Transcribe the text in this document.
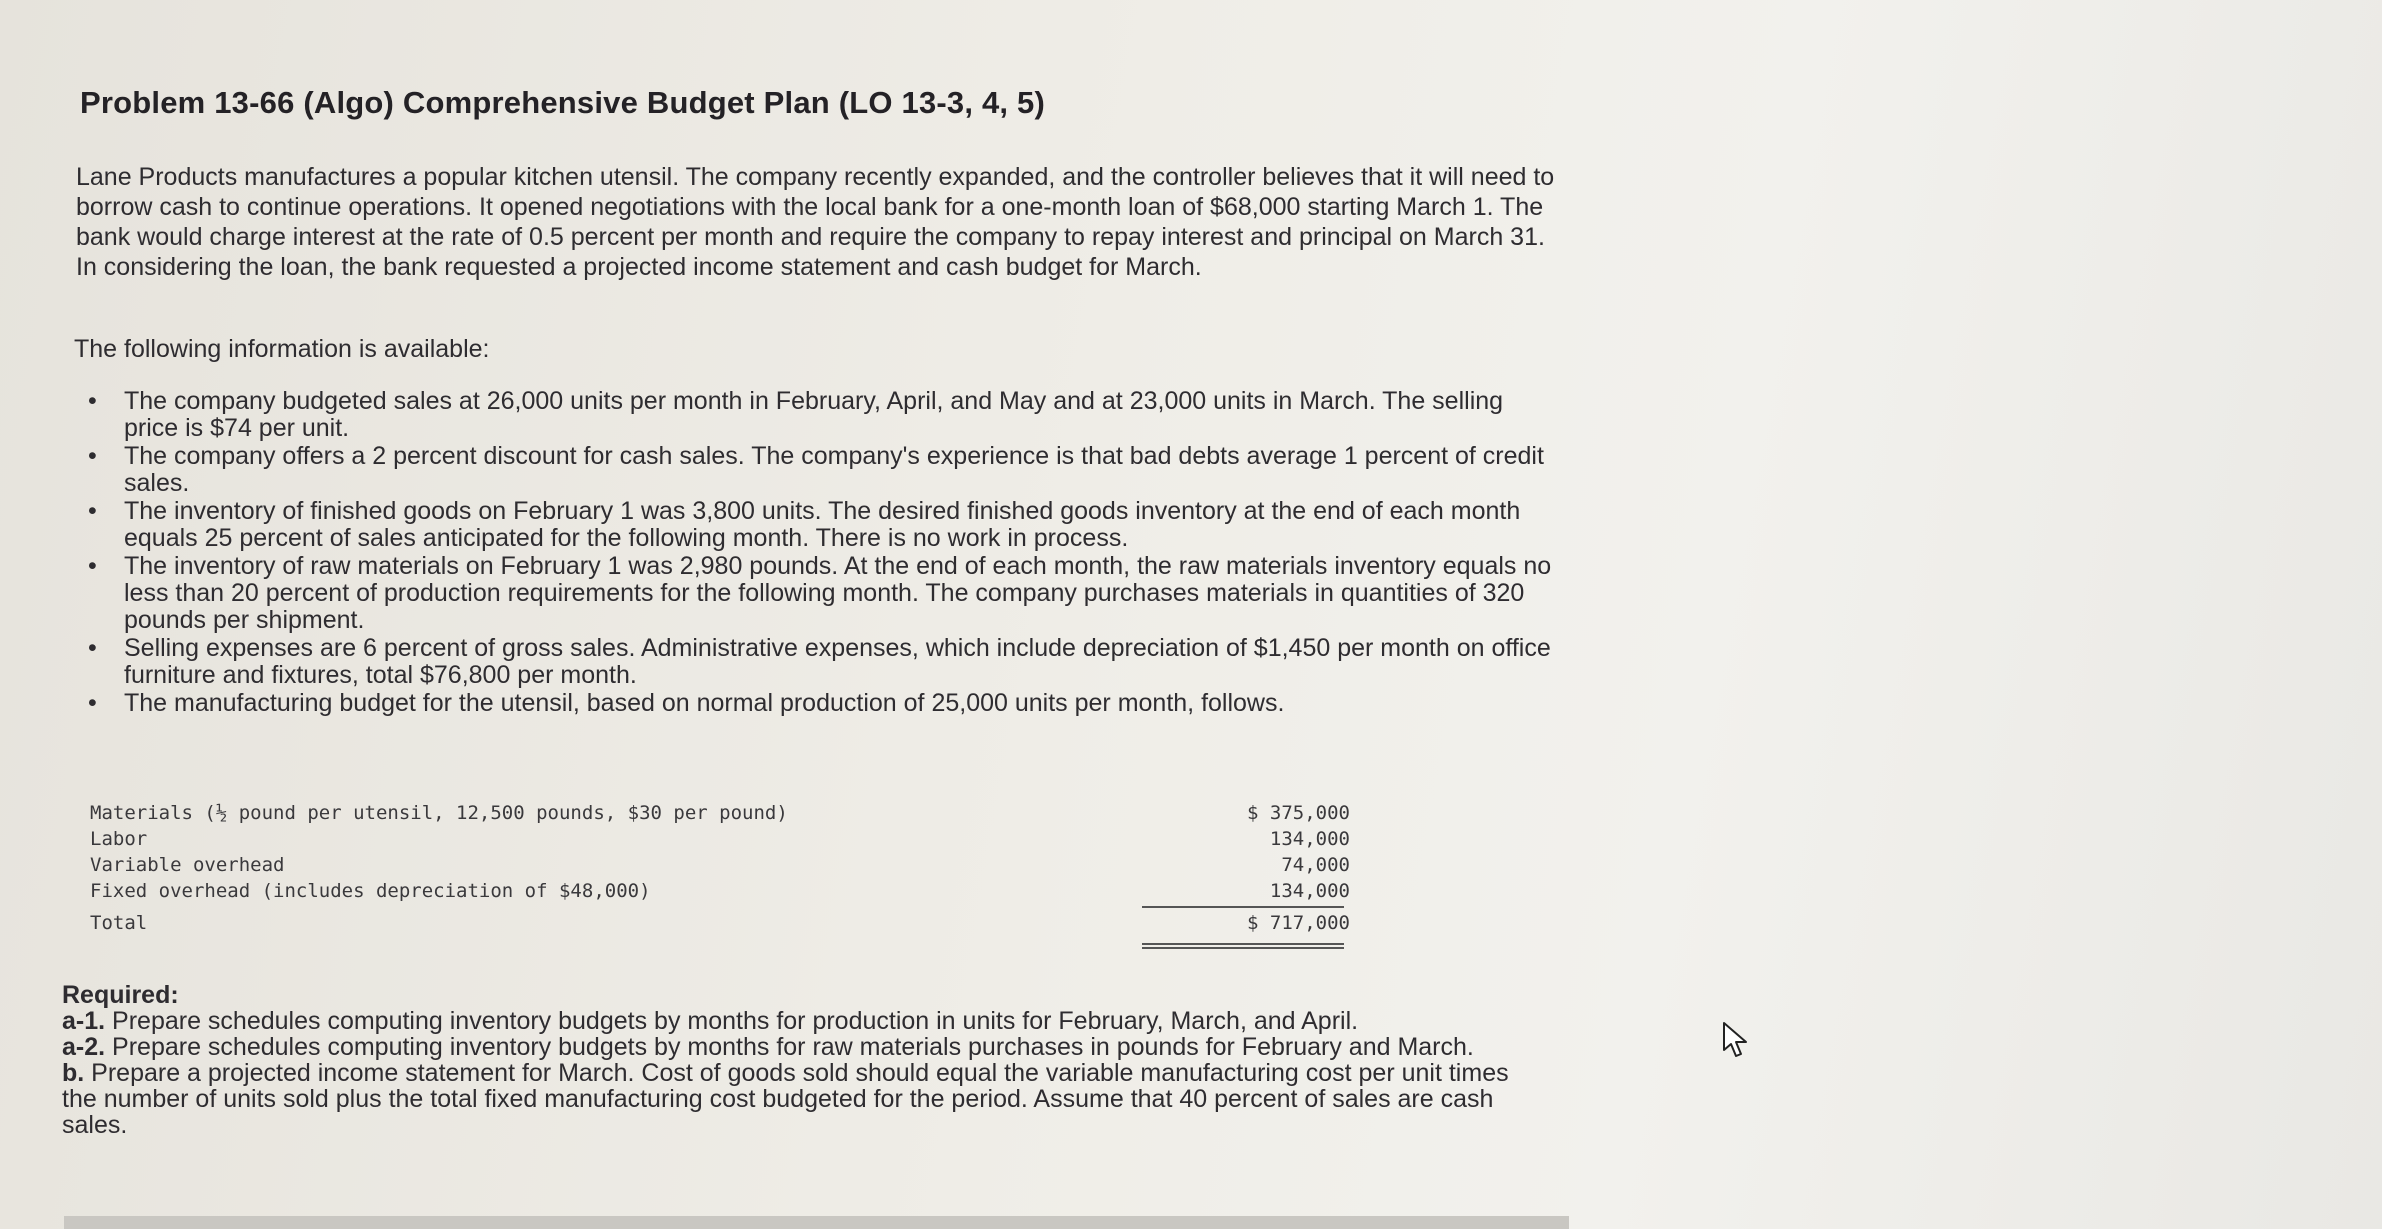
Problem 13-66 (Algo) Comprehensive Budget Plan (LO 13-3, 4, 5)
Lane Products manufactures a popular kitchen utensil. The company recently expanded, and the controller believes that it will need to
borrow cash to continue operations. It opened negotiations with the local bank for a one-month loan of $68,000 starting March 1. The
bank would charge interest at the rate of 0.5 percent per month and require the company to repay interest and principal on March 31.
In considering the loan, the bank requested a projected income statement and cash budget for March.
The following information is available:
• The company budgeted sales at 26,000 units per month in February, April, and May and at 23,000 units in March. The selling
price is $74 per unit.
• The company offers a 2 percent discount for cash sales. The company's experience is that bad debts average 1 percent of credit
sales.
• The inventory of finished goods on February 1 was 3,800 units. The desired finished goods inventory at the end of each month
equals 25 percent of sales anticipated for the following month. There is no work in process.
• The inventory of raw materials on February 1 was 2,980 pounds. At the end of each month, the raw materials inventory equals no
less than 20 percent of production requirements for the following month. The company purchases materials in quantities of 320
pounds per shipment.
• Selling expenses are 6 percent of gross sales. Administrative expenses, which include depreciation of $1,450 per month on office
furniture and fixtures, total $76,800 per month.
• The manufacturing budget for the utensil, based on normal production of 25,000 units per month, follows.
Materials (½ pound per utensil, 12,500 pounds, $30 per pound)	$ 375,000
Labor	134,000
Variable overhead	74,000
Fixed overhead (includes depreciation of $48,000)	134,000
Total	$ 717,000
Required:
a-1. Prepare schedules computing inventory budgets by months for production in units for February, March, and April.
a-2. Prepare schedules computing inventory budgets by months for raw materials purchases in pounds for February and March.
b. Prepare a projected income statement for March. Cost of goods sold should equal the variable manufacturing cost per unit times
the number of units sold plus the total fixed manufacturing cost budgeted for the period. Assume that 40 percent of sales are cash
sales.
